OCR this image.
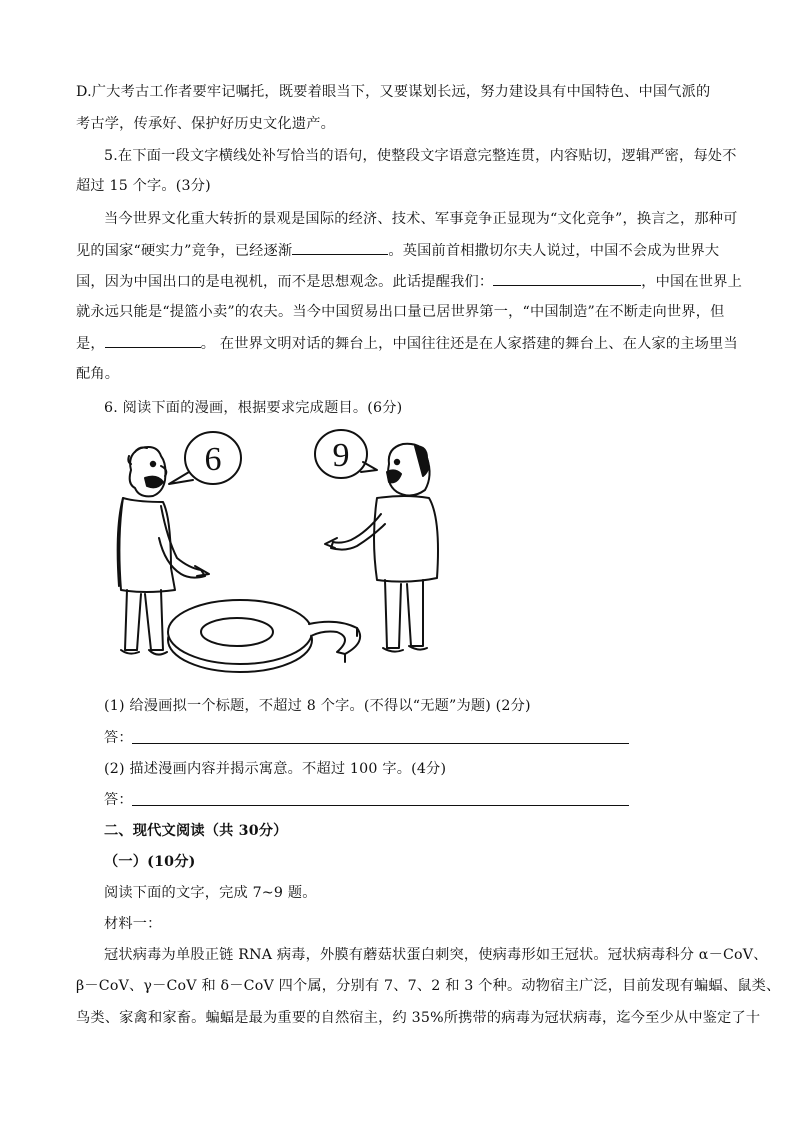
D.广大考古工作者要牢记嘱托，既要着眼当下，又要谋划长远，努力建设具有中国特色、中国气派的
考古学，传承好、保护好历史文化遗产。
5.在下面一段文字横线处补写恰当的语句，使整段文字语意完整连贯，内容贴切，逻辑严密，每处不
超过 15 个字。(3分)
当今世界文化重大转折的景观是国际的经济、技术、军事竞争正显现为“文化竞争”，换言之，那种可
见的国家“硬实力”竞争，已经逐渐	。英国前首相撒切尔夫人说过，中国不会成为世界大
国，因为中国出口的是电视机，而不是思想观念。此话提醒我们：	，中国在世界上
就永远只能是“提篮小卖”的农夫。当今中国贸易出口量已居世界第一，“中国制造”在不断走向世界，但
是，	。 在世界文明对话的舞台上，中国往往还是在人家搭建的舞台上、在人家的主场里当
配角。
6. 阅读下面的漫画，根据要求完成题目。(6分)
6	9
(1) 给漫画拟一个标题，不超过 8 个字。(不得以“无题”为题) (2分)
答：
(2) 描述漫画内容并揭示寓意。不超过 100 字。(4分)
答：
二、现代文阅读（共 30分）
（一）(10分)
阅读下面的文字，完成 7~9 题。
材料一：
冠状病毒为单股正链 RNA 病毒，外膜有蘑菇状蛋白刺突，使病毒形如王冠状。冠状病毒科分 α－CoV、
β－CoV、γ－CoV 和 δ－CoV 四个属，分别有 7、7、2 和 3 个种。动物宿主广泛，目前发现有蝙蝠、鼠类、
鸟类、家禽和家畜。蝙蝠是最为重要的自然宿主，约 35%所携带的病毒为冠状病毒，迄今至少从中鉴定了十
